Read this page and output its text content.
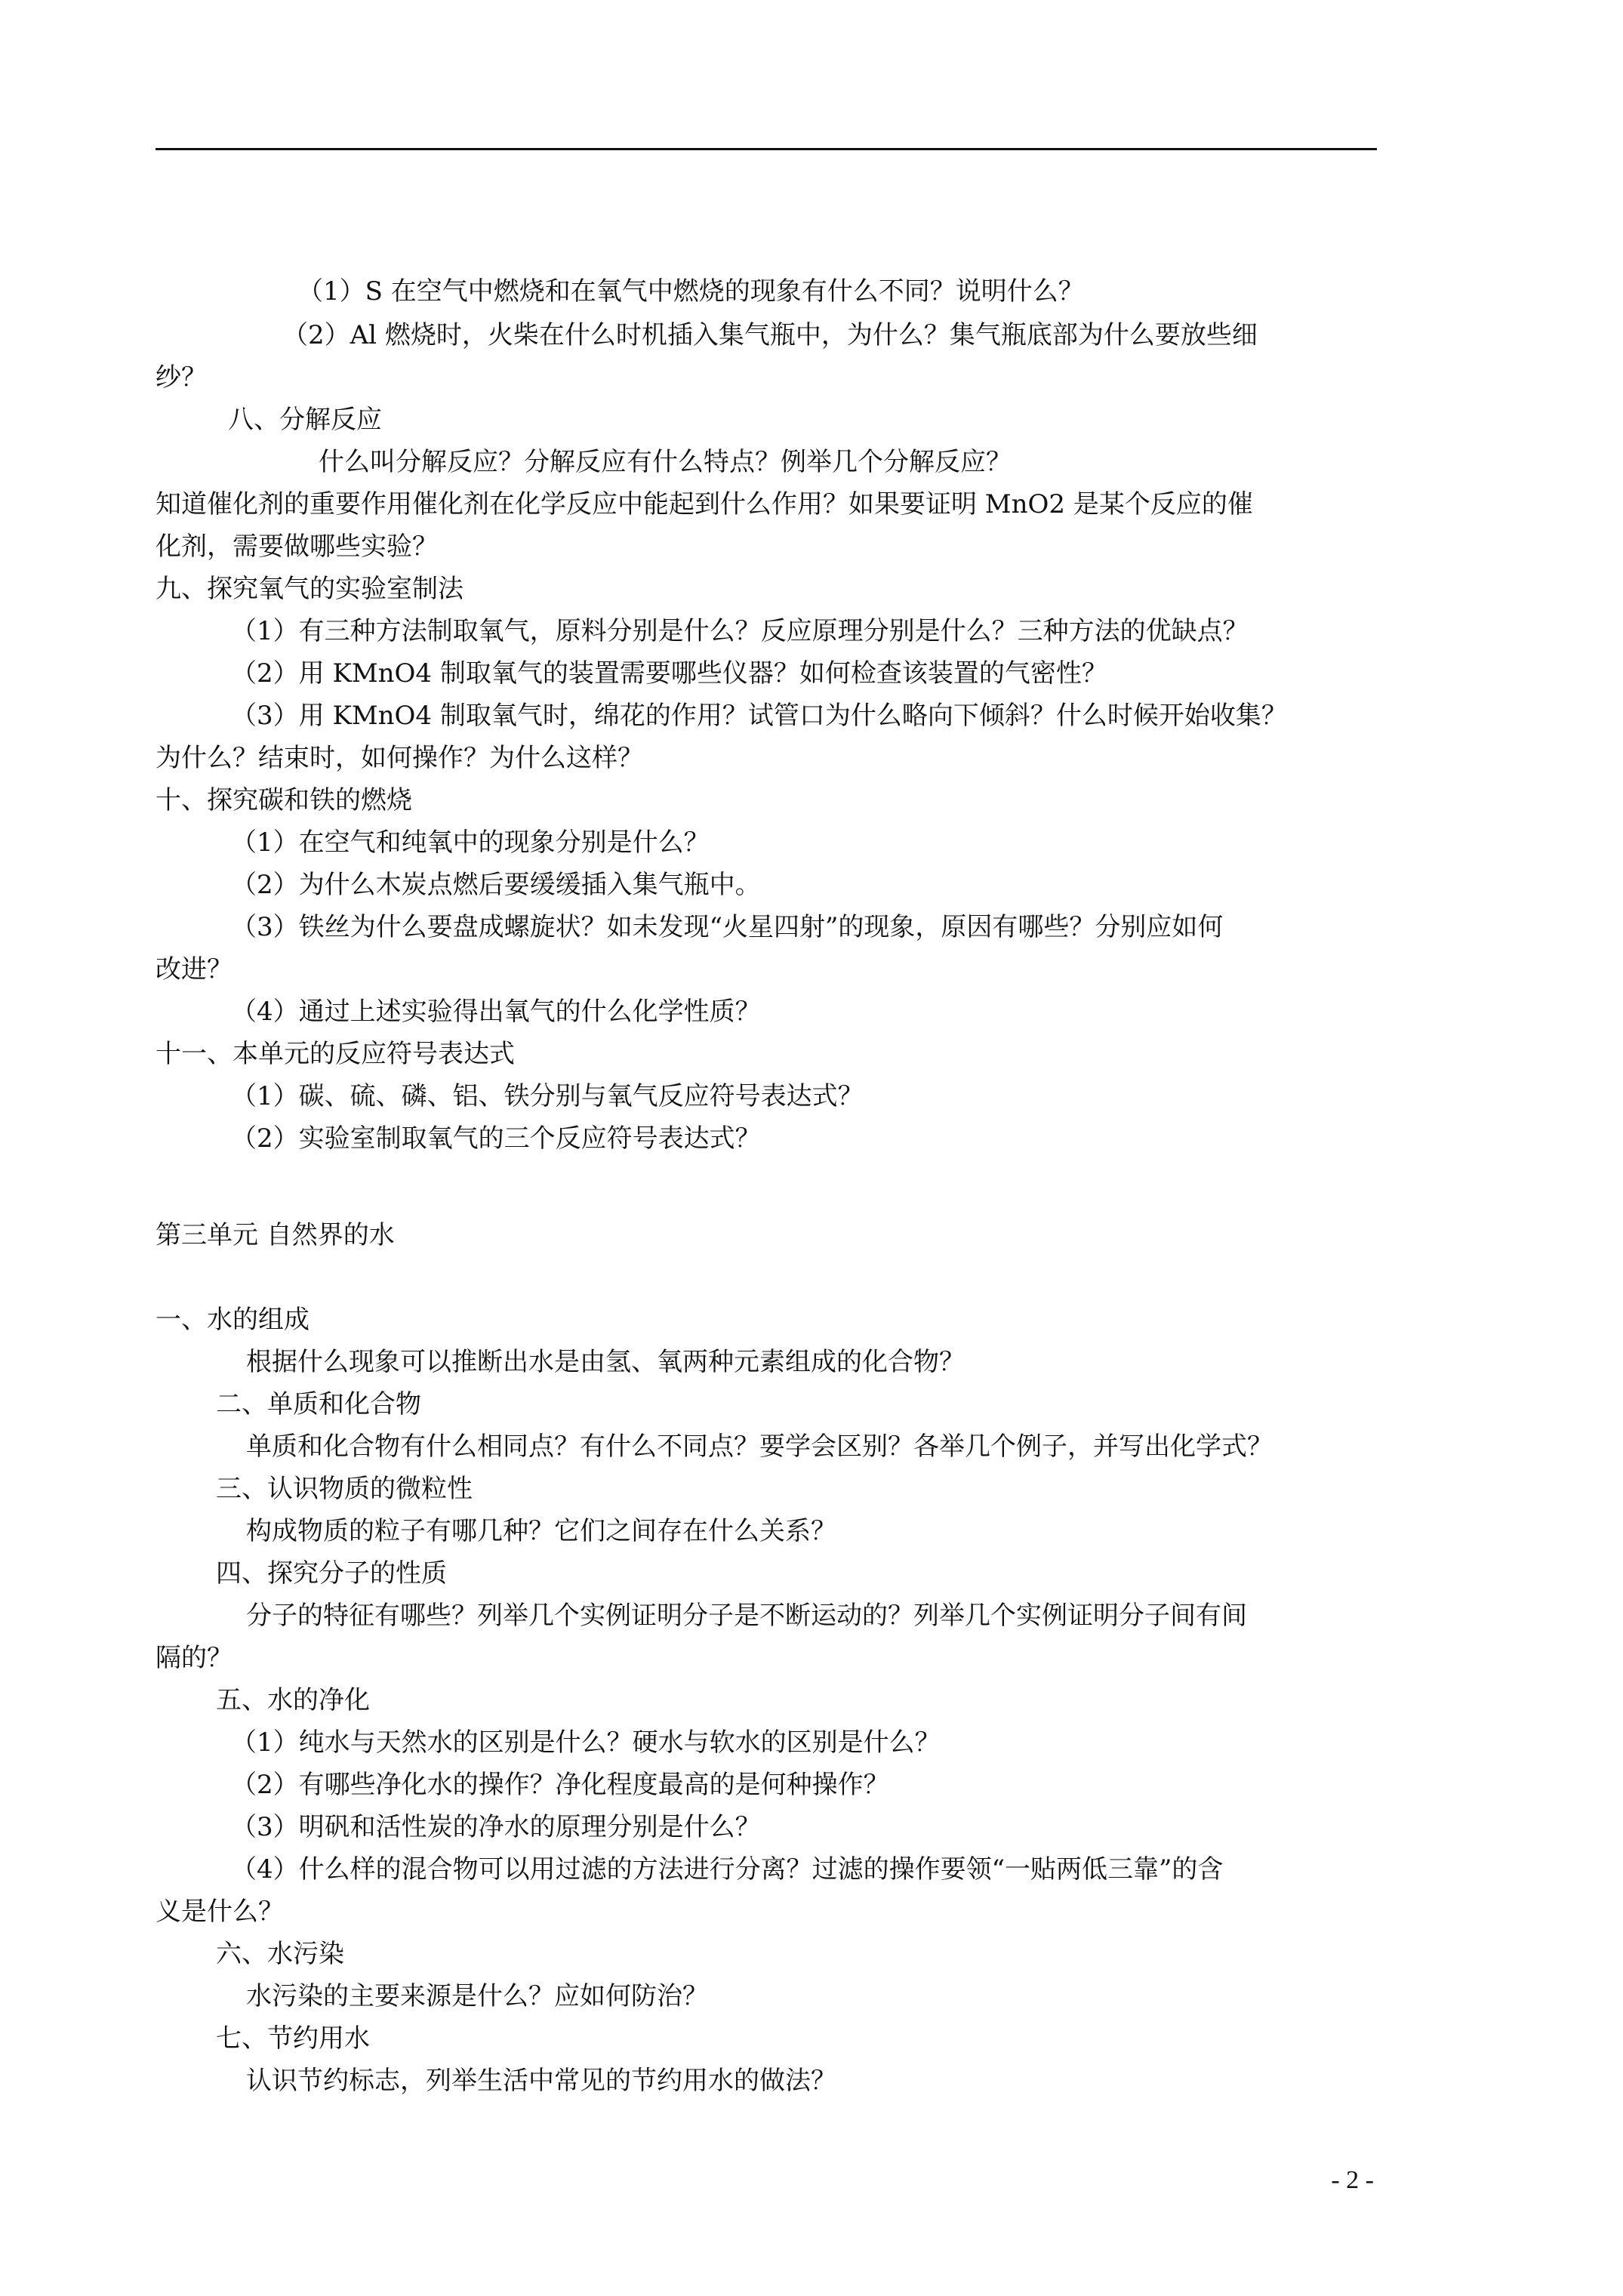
（1）S 在空气中燃烧和在氧气中燃烧的现象有什么不同？说明什么？
（2）Al 燃烧时，火柴在什么时机插入集气瓶中，为什么？集气瓶底部为什么要放些细
纱？
八、分解反应
什么叫分解反应？分解反应有什么特点？例举几个分解反应？
知道催化剂的重要作用催化剂在化学反应中能起到什么作用？如果要证明 MnO2 是某个反应的催
化剂，需要做哪些实验？
九、探究氧气的实验室制法
（1）有三种方法制取氧气，原料分别是什么？反应原理分别是什么？三种方法的优缺点？
（2）用 KMnO4 制取氧气的装置需要哪些仪器？如何检查该装置的气密性？
（3）用 KMnO4 制取氧气时，绵花的作用？试管口为什么略向下倾斜？什么时候开始收集？
为什么？结束时，如何操作？为什么这样？
十、探究碳和铁的燃烧
（1）在空气和纯氧中的现象分别是什么？
（2）为什么木炭点燃后要缓缓插入集气瓶中。
（3）铁丝为什么要盘成螺旋状？如未发现“火星四射”的现象，原因有哪些？分别应如何
改进？
（4）通过上述实验得出氧气的什么化学性质？
十一、本单元的反应符号表达式
（1）碳、硫、磷、铝、铁分别与氧气反应符号表达式？
（2）实验室制取氧气的三个反应符号表达式？
第三单元 自然界的水
一、水的组成
根据什么现象可以推断出水是由氢、氧两种元素组成的化合物？
二、单质和化合物
单质和化合物有什么相同点？有什么不同点？要学会区别？各举几个例子，并写出化学式？
三、认识物质的微粒性
构成物质的粒子有哪几种？它们之间存在什么关系？
四、探究分子的性质
分子的特征有哪些？列举几个实例证明分子是不断运动的？列举几个实例证明分子间有间
隔的？
五、水的净化
（1）纯水与天然水的区别是什么？硬水与软水的区别是什么？
（2）有哪些净化水的操作？净化程度最高的是何种操作？
（3）明矾和活性炭的净水的原理分别是什么？
（4）什么样的混合物可以用过滤的方法进行分离？过滤的操作要领“一贴两低三靠”的含
义是什么？
六、水污染
水污染的主要来源是什么？应如何防治？
七、节约用水
认识节约标志，列举生活中常见的节约用水的做法？
- 2 -
